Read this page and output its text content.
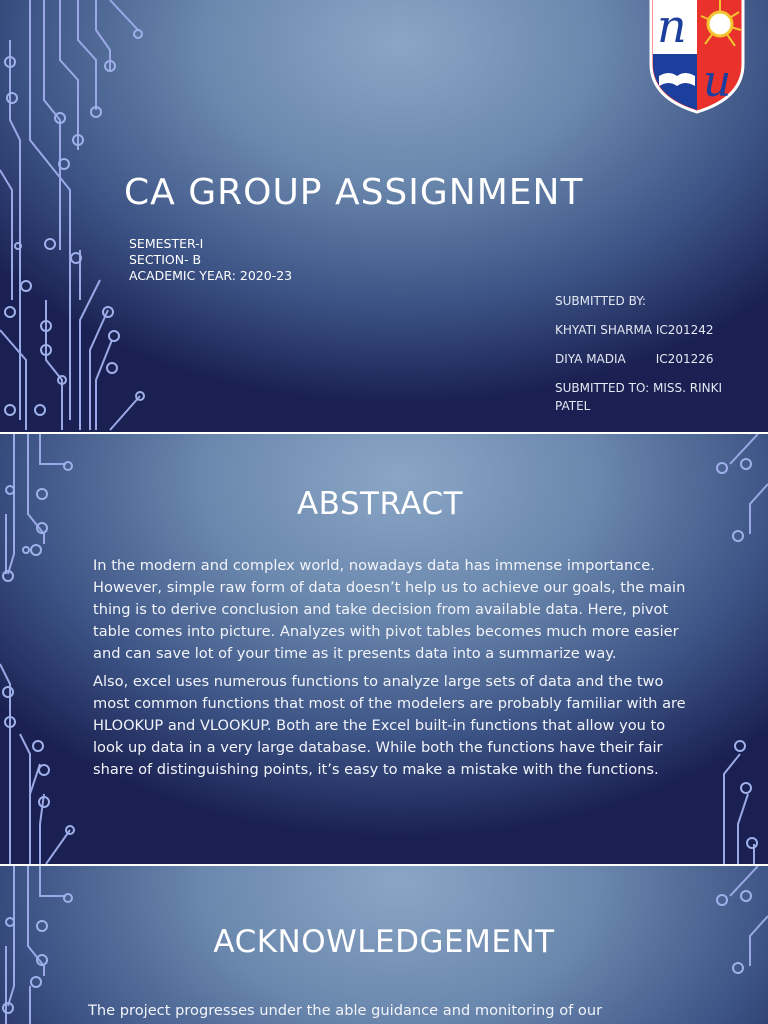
CA GROUP ASSIGNMENT
SEMESTER-I
SECTION- B
ACADEMIC YEAR: 2020-23

SUBMITTED BY:

KHYATI SHARMA IC201242

DIYA MADIA	IC201226

SUBMITTED TO: MISS. RINKI PATEL

n
u
ABSTRACT

In the modern and complex world, nowadays data has immense importance. However, simple raw form of data doesn’t help us to achieve our goals, the main thing is to derive conclusion and take decision from available data. Here, pivot table comes into picture. Analyzes with pivot tables becomes much more easier and can save lot of your time as it presents data into a summarize way.

Also, excel uses numerous functions to analyze large sets of data and the two most common functions that most of the modelers are probably familiar with are HLOOKUP and VLOOKUP. Both are the Excel built-in functions that allow you to look up data in a very large database. While both the functions have their fair share of distinguishing points, it’s easy to make a mistake with the functions.

ACKNOWLEDGEMENT

The project progresses under the able guidance and monitoring of our
